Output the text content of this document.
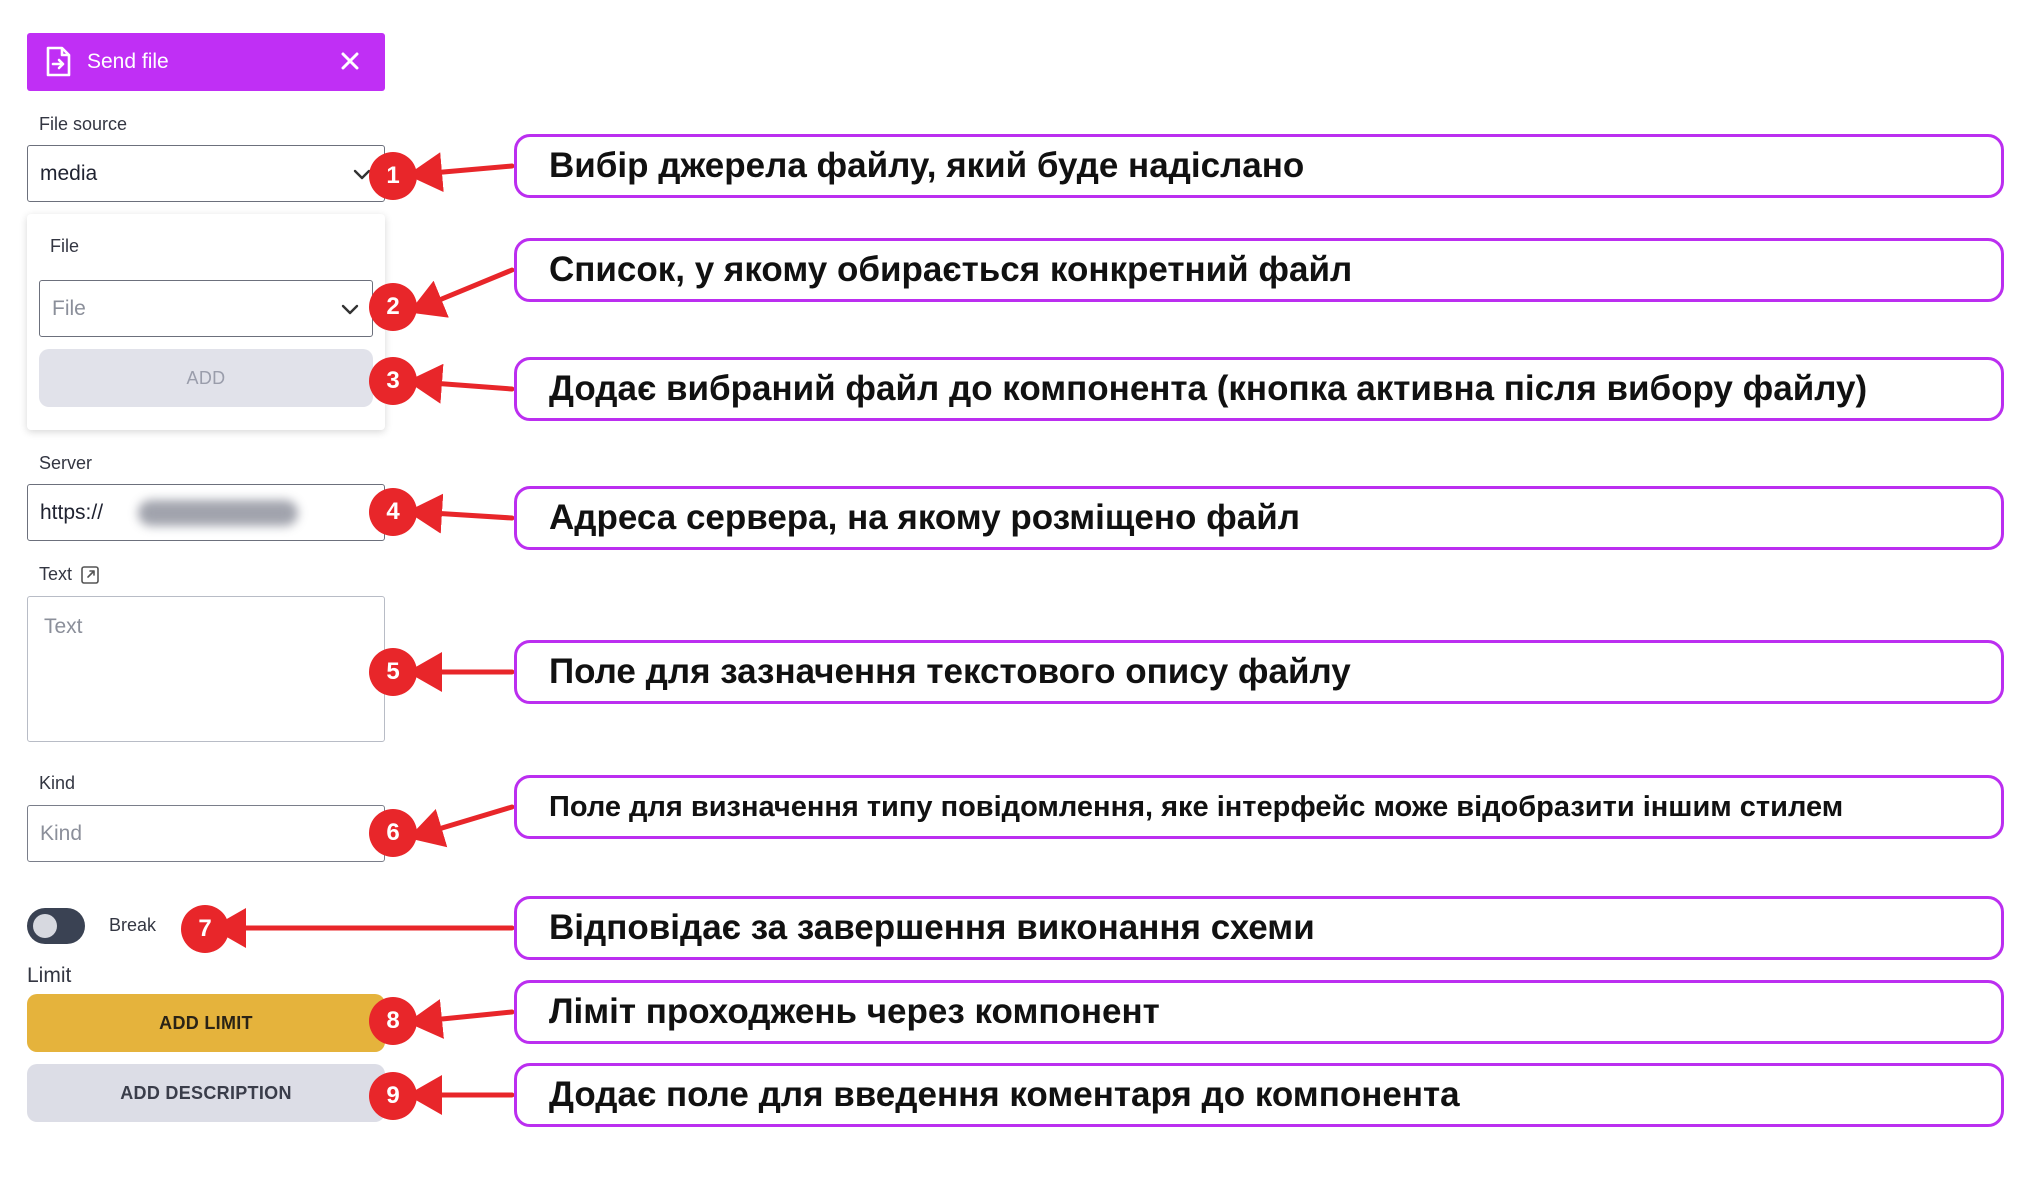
Send file
File source
media
File
File
ADD
Server
https://
Text
Text
Kind
Kind
Break
Limit
ADD LIMIT
ADD DESCRIPTION
1
2
3
4
5
6
7
8
9
Вибір джерела файлу, який буде надіслано
Список, у якому обирається конкретний файл
Додає вибраний файл до компонента (кнопка активна після вибору файлу)
Адреса сервера, на якому розміщено файл
Поле для зазначення текстового опису файлу
Поле для визначення типу повідомлення, яке інтерфейс може відобразити іншим стилем
Відповідає за завершення виконання схеми
Ліміт проходжень через компонент
Додає поле для введення коментаря до компонента
